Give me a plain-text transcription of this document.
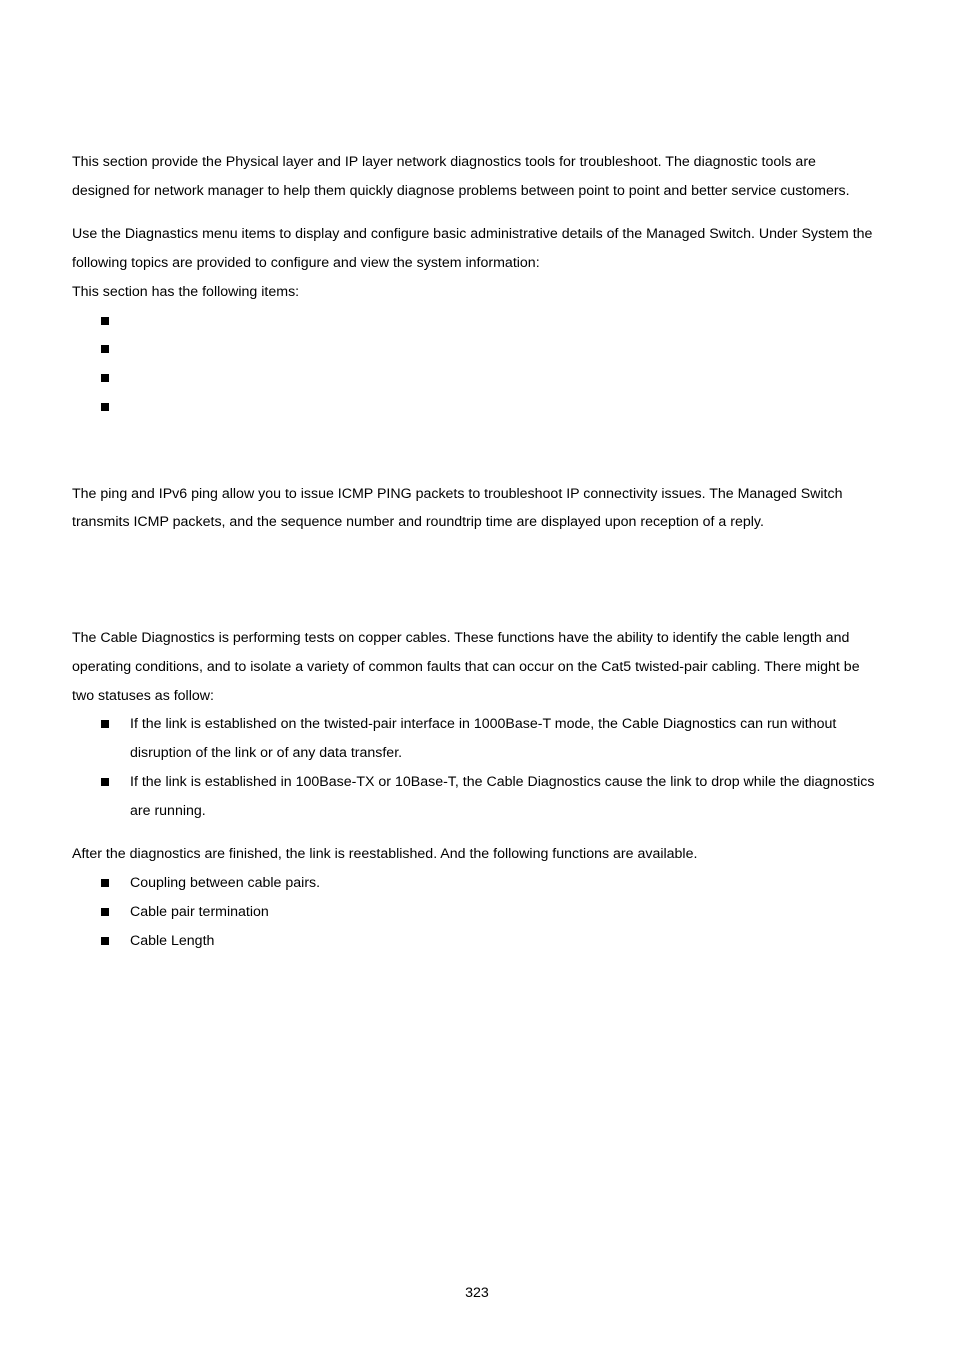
This section provide the Physical layer and IP layer network diagnostics tools for troubleshoot. The diagnostic tools are
designed for network manager to help them quickly diagnose problems between point to point and better service customers.
Use the Diagnastics menu items to display and configure basic administrative details of the Managed Switch. Under System the
following topics are provided to configure and view the system information:
This section has the following items:
The ping and IPv6 ping allow you to issue ICMP PING packets to troubleshoot IP connectivity issues. The Managed Switch
transmits ICMP packets, and the sequence number and roundtrip time are displayed upon reception of a reply.
The Cable Diagnostics is performing tests on copper cables. These functions have the ability to identify the cable length and
operating conditions, and to isolate a variety of common faults that can occur on the Cat5 twisted-pair cabling. There might be
two statuses as follow:
If the link is established on the twisted-pair interface in 1000Base-T mode, the Cable Diagnostics can run without
disruption of the link or of any data transfer.
If the link is established in 100Base-TX or 10Base-T, the Cable Diagnostics cause the link to drop while the diagnostics
are running.
After the diagnostics are finished, the link is reestablished. And the following functions are available.
Coupling between cable pairs.
Cable pair termination
Cable Length
323
